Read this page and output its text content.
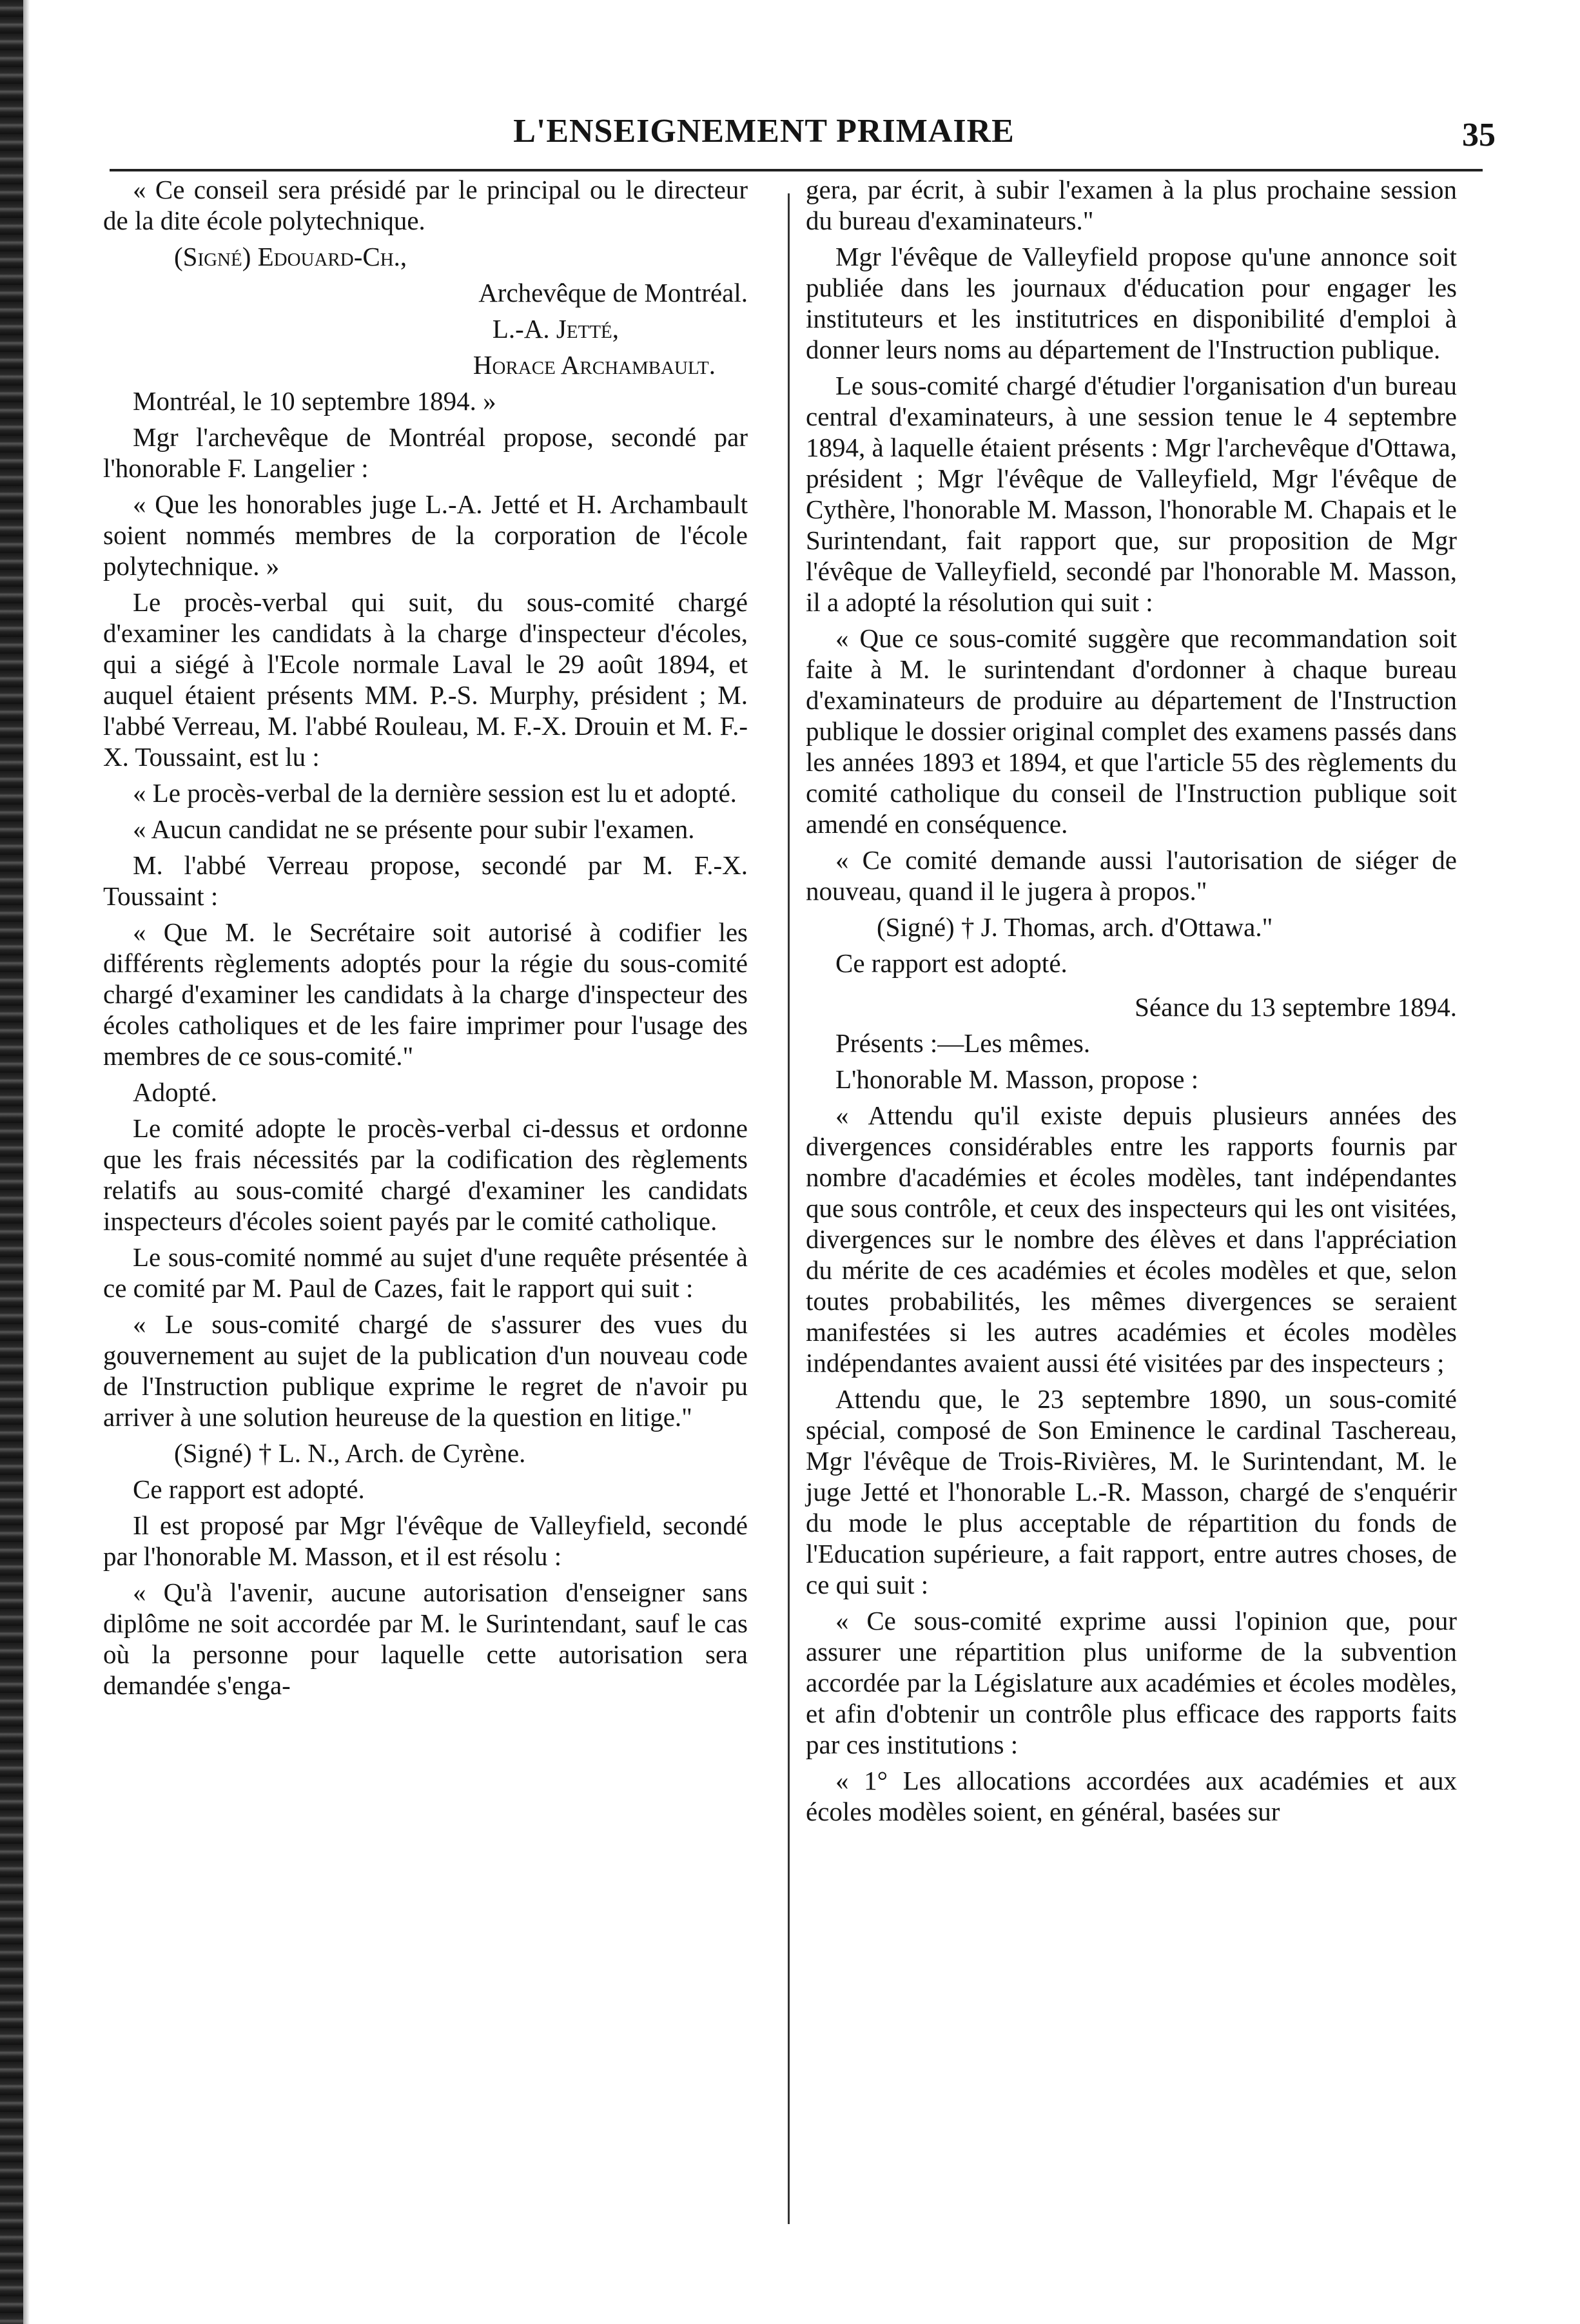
L'ENSEIGNEMENT PRIMAIRE	35

« Ce conseil sera présidé par le principal ou le directeur de la dite école polytechnique.

(Signé) Edouard-Ch.,

Archevêque de Montréal.

L.-A. Jetté,

Horace Archambault.

Montréal, le 10 septembre 1894. »

Mgr l'archevêque de Montréal propose, secondé par l'honorable F. Langelier :

« Que les honorables juge L.-A. Jetté et H. Archambault soient nommés membres de la corporation de l'école polytechnique. »

Le procès-verbal qui suit, du sous-comité chargé d'examiner les candidats à la charge d'inspecteur d'écoles, qui a siégé à l'Ecole normale Laval le 29 août 1894, et auquel étaient présents MM. P.-S. Murphy, président ; M. l'abbé Verreau, M. l'abbé Rouleau, M. F.-X. Drouin et M. F.-X. Toussaint, est lu :

« Le procès-verbal de la dernière session est lu et adopté.

« Aucun candidat ne se présente pour subir l'examen.

M. l'abbé Verreau propose, secondé par M. F.-X. Toussaint :

« Que M. le Secrétaire soit autorisé à codifier les différents règlements adoptés pour la régie du sous-comité chargé d'examiner les candidats à la charge d'inspecteur des écoles catholiques et de les faire imprimer pour l'usage des membres de ce sous-comité."

Adopté.

Le comité adopte le procès-verbal ci-dessus et ordonne que les frais nécessités par la codification des règlements relatifs au sous-comité chargé d'examiner les candidats inspecteurs d'écoles soient payés par le comité catholique.

Le sous-comité nommé au sujet d'une requête présentée à ce comité par M. Paul de Cazes, fait le rapport qui suit :

« Le sous-comité chargé de s'assurer des vues du gouvernement au sujet de la publication d'un nouveau code de l'Instruction publique exprime le regret de n'avoir pu arriver à une solution heureuse de la question en litige."

(Signé) † L. N., Arch. de Cyrène.

Ce rapport est adopté.

Il est proposé par Mgr l'évêque de Valleyfield, secondé par l'honorable M. Masson, et il est résolu :

« Qu'à l'avenir, aucune autorisation d'enseigner sans diplôme ne soit accordée par M. le Surintendant, sauf le cas où la personne pour laquelle cette autorisation sera demandée s'enga-

gera, par écrit, à subir l'examen à la plus prochaine session du bureau d'examinateurs."

Mgr l'évêque de Valleyfield propose qu'une annonce soit publiée dans les journaux d'éducation pour engager les instituteurs et les institutrices en disponibilité d'emploi à donner leurs noms au département de l'Instruction publique.

Le sous-comité chargé d'étudier l'organisation d'un bureau central d'examinateurs, à une session tenue le 4 septembre 1894, à laquelle étaient présents : Mgr l'archevêque d'Ottawa, président ; Mgr l'évêque de Valleyfield, Mgr l'évêque de Cythère, l'honorable M. Masson, l'honorable M. Chapais et le Surintendant, fait rapport que, sur proposition de Mgr l'évêque de Valleyfield, secondé par l'honorable M. Masson, il a adopté la résolution qui suit :

« Que ce sous-comité suggère que recommandation soit faite à M. le surintendant d'ordonner à chaque bureau d'examinateurs de produire au département de l'Instruction publique le dossier original complet des examens passés dans les années 1893 et 1894, et que l'article 55 des règlements du comité catholique du conseil de l'Instruction publique soit amendé en conséquence.

« Ce comité demande aussi l'autorisation de siéger de nouveau, quand il le jugera à propos."

(Signé) † J. Thomas, arch. d'Ottawa."

Ce rapport est adopté.

Séance du 13 septembre 1894.

Présents :—Les mêmes.

L'honorable M. Masson, propose :

« Attendu qu'il existe depuis plusieurs années des divergences considérables entre les rapports fournis par nombre d'académies et écoles modèles, tant indépendantes que sous contrôle, et ceux des inspecteurs qui les ont visitées, divergences sur le nombre des élèves et dans l'appréciation du mérite de ces académies et écoles modèles et que, selon toutes probabilités, les mêmes divergences se seraient manifestées si les autres académies et écoles modèles indépendantes avaient aussi été visitées par des inspecteurs ;

Attendu que, le 23 septembre 1890, un sous-comité spécial, composé de Son Eminence le cardinal Taschereau, Mgr l'évêque de Trois-Rivières, M. le Surintendant, M. le juge Jetté et l'honorable L.-R. Masson, chargé de s'enquérir du mode le plus acceptable de répartition du fonds de l'Education supérieure, a fait rapport, entre autres choses, de ce qui suit :

« Ce sous-comité exprime aussi l'opinion que, pour assurer une répartition plus uniforme de la subvention accordée par la Législature aux académies et écoles modèles, et afin d'obtenir un contrôle plus efficace des rapports faits par ces institutions :

« 1° Les allocations accordées aux académies et aux écoles modèles soient, en général, basées sur
